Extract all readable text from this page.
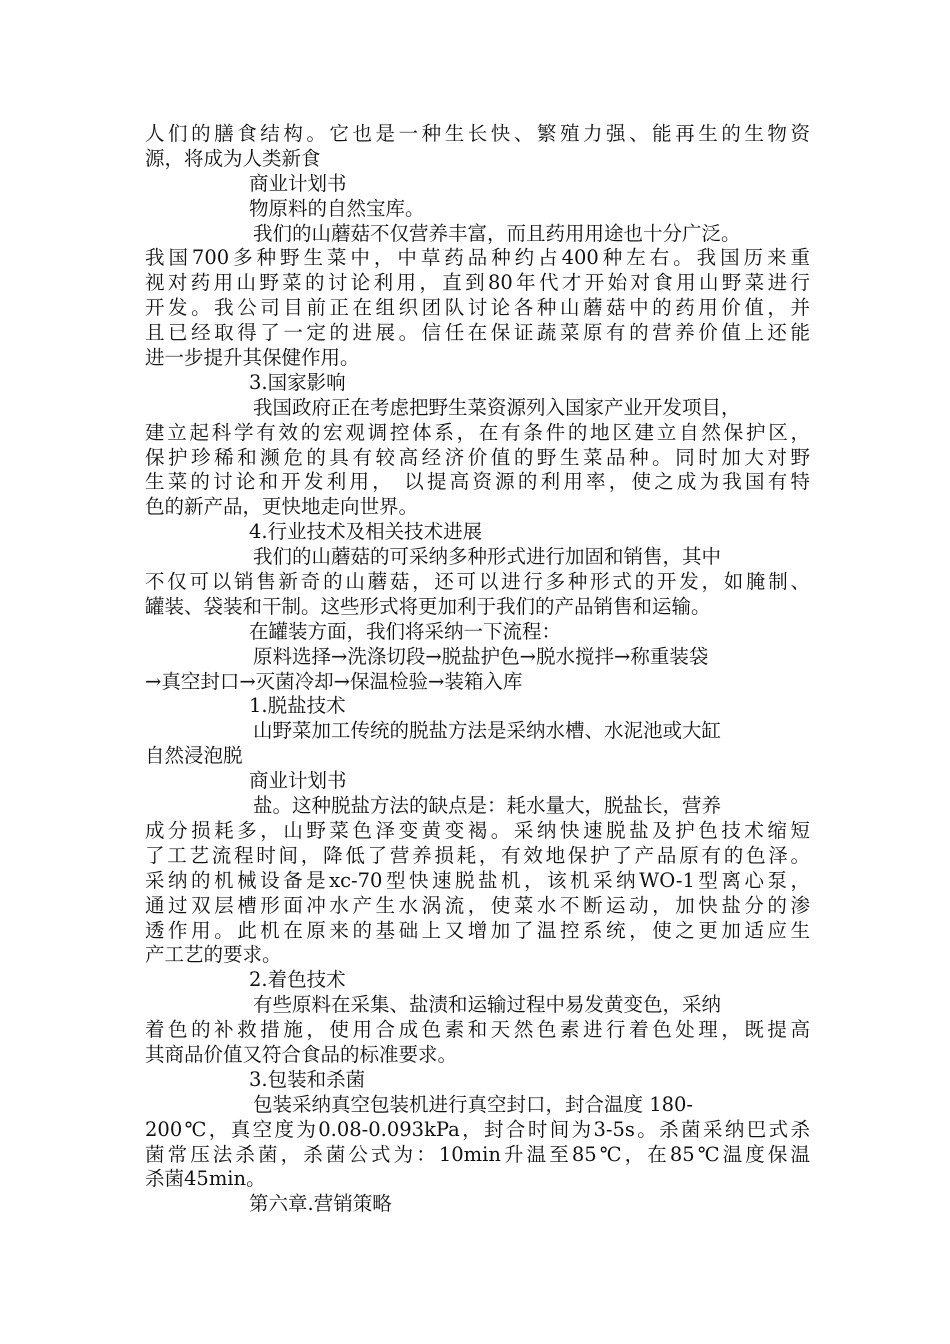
人们的膳食结构。它也是一种生长快、繁殖力强、能再生的生物资
源，将成为人类新食
商业计划书
物原料的自然宝库。
我们的山蘑菇不仅营养丰富，而且药用用途也十分广泛。
我国700多种野生菜中，中草药品种约占400种左右。我国历来重
视对药用山野菜的讨论利用，直到80年代才开始对食用山野菜进行
开发。我公司目前正在组织团队讨论各种山蘑菇中的药用价值，并
且已经取得了一定的进展。信任在保证蔬菜原有的营养价值上还能
进一步提升其保健作用。
3.国家影响
我国政府正在考虑把野生菜资源列入国家产业开发项目，
建立起科学有效的宏观调控体系，在有条件的地区建立自然保护区，
保护珍稀和濒危的具有较高经济价值的野生菜品种。同时加大对野
生菜的讨论和开发利用， 以提高资源的利用率，使之成为我国有特
色的新产品，更快地走向世界。
4.行业技术及相关技术进展
我们的山蘑菇的可采纳多种形式进行加固和销售，其中
不仅可以销售新奇的山蘑菇，还可以进行多种形式的开发，如腌制、
罐装、袋装和干制。这些形式将更加利于我们的产品销售和运输。
在罐装方面，我们将采纳一下流程：
原料选择→洗涤切段→脱盐护色→脱水搅拌→称重装袋
→真空封口→灭菌冷却→保温检验→装箱入库
1.脱盐技术
山野菜加工传统的脱盐方法是采纳水槽、水泥池或大缸
自然浸泡脱
商业计划书
盐。这种脱盐方法的缺点是：耗水量大，脱盐长，营养
成分损耗多，山野菜色泽变黄变褐。采纳快速脱盐及护色技术缩短
了工艺流程时间，降低了营养损耗，有效地保护了产品原有的色泽。
采纳的机械设备是xc-70型快速脱盐机，该机采纳WO-1型离心泵，
通过双层槽形面冲水产生水涡流，使菜水不断运动，加快盐分的渗
透作用。此机在原来的基础上又增加了温控系统，使之更加适应生
产工艺的要求。
2.着色技术
有些原料在采集、盐渍和运输过程中易发黄变色，采纳
着色的补救措施，使用合成色素和天然色素进行着色处理，既提高
其商品价值又符合食品的标准要求。
3.包装和杀菌
包装采纳真空包装机进行真空封口，封合温度 180-
200℃，真空度为0.08-0.093kPa，封合时间为3-5s。杀菌采纳巴式杀
菌常压法杀菌，杀菌公式为：10min升温至85℃，在85℃温度保温
杀菌45min。
第六章.营销策略
